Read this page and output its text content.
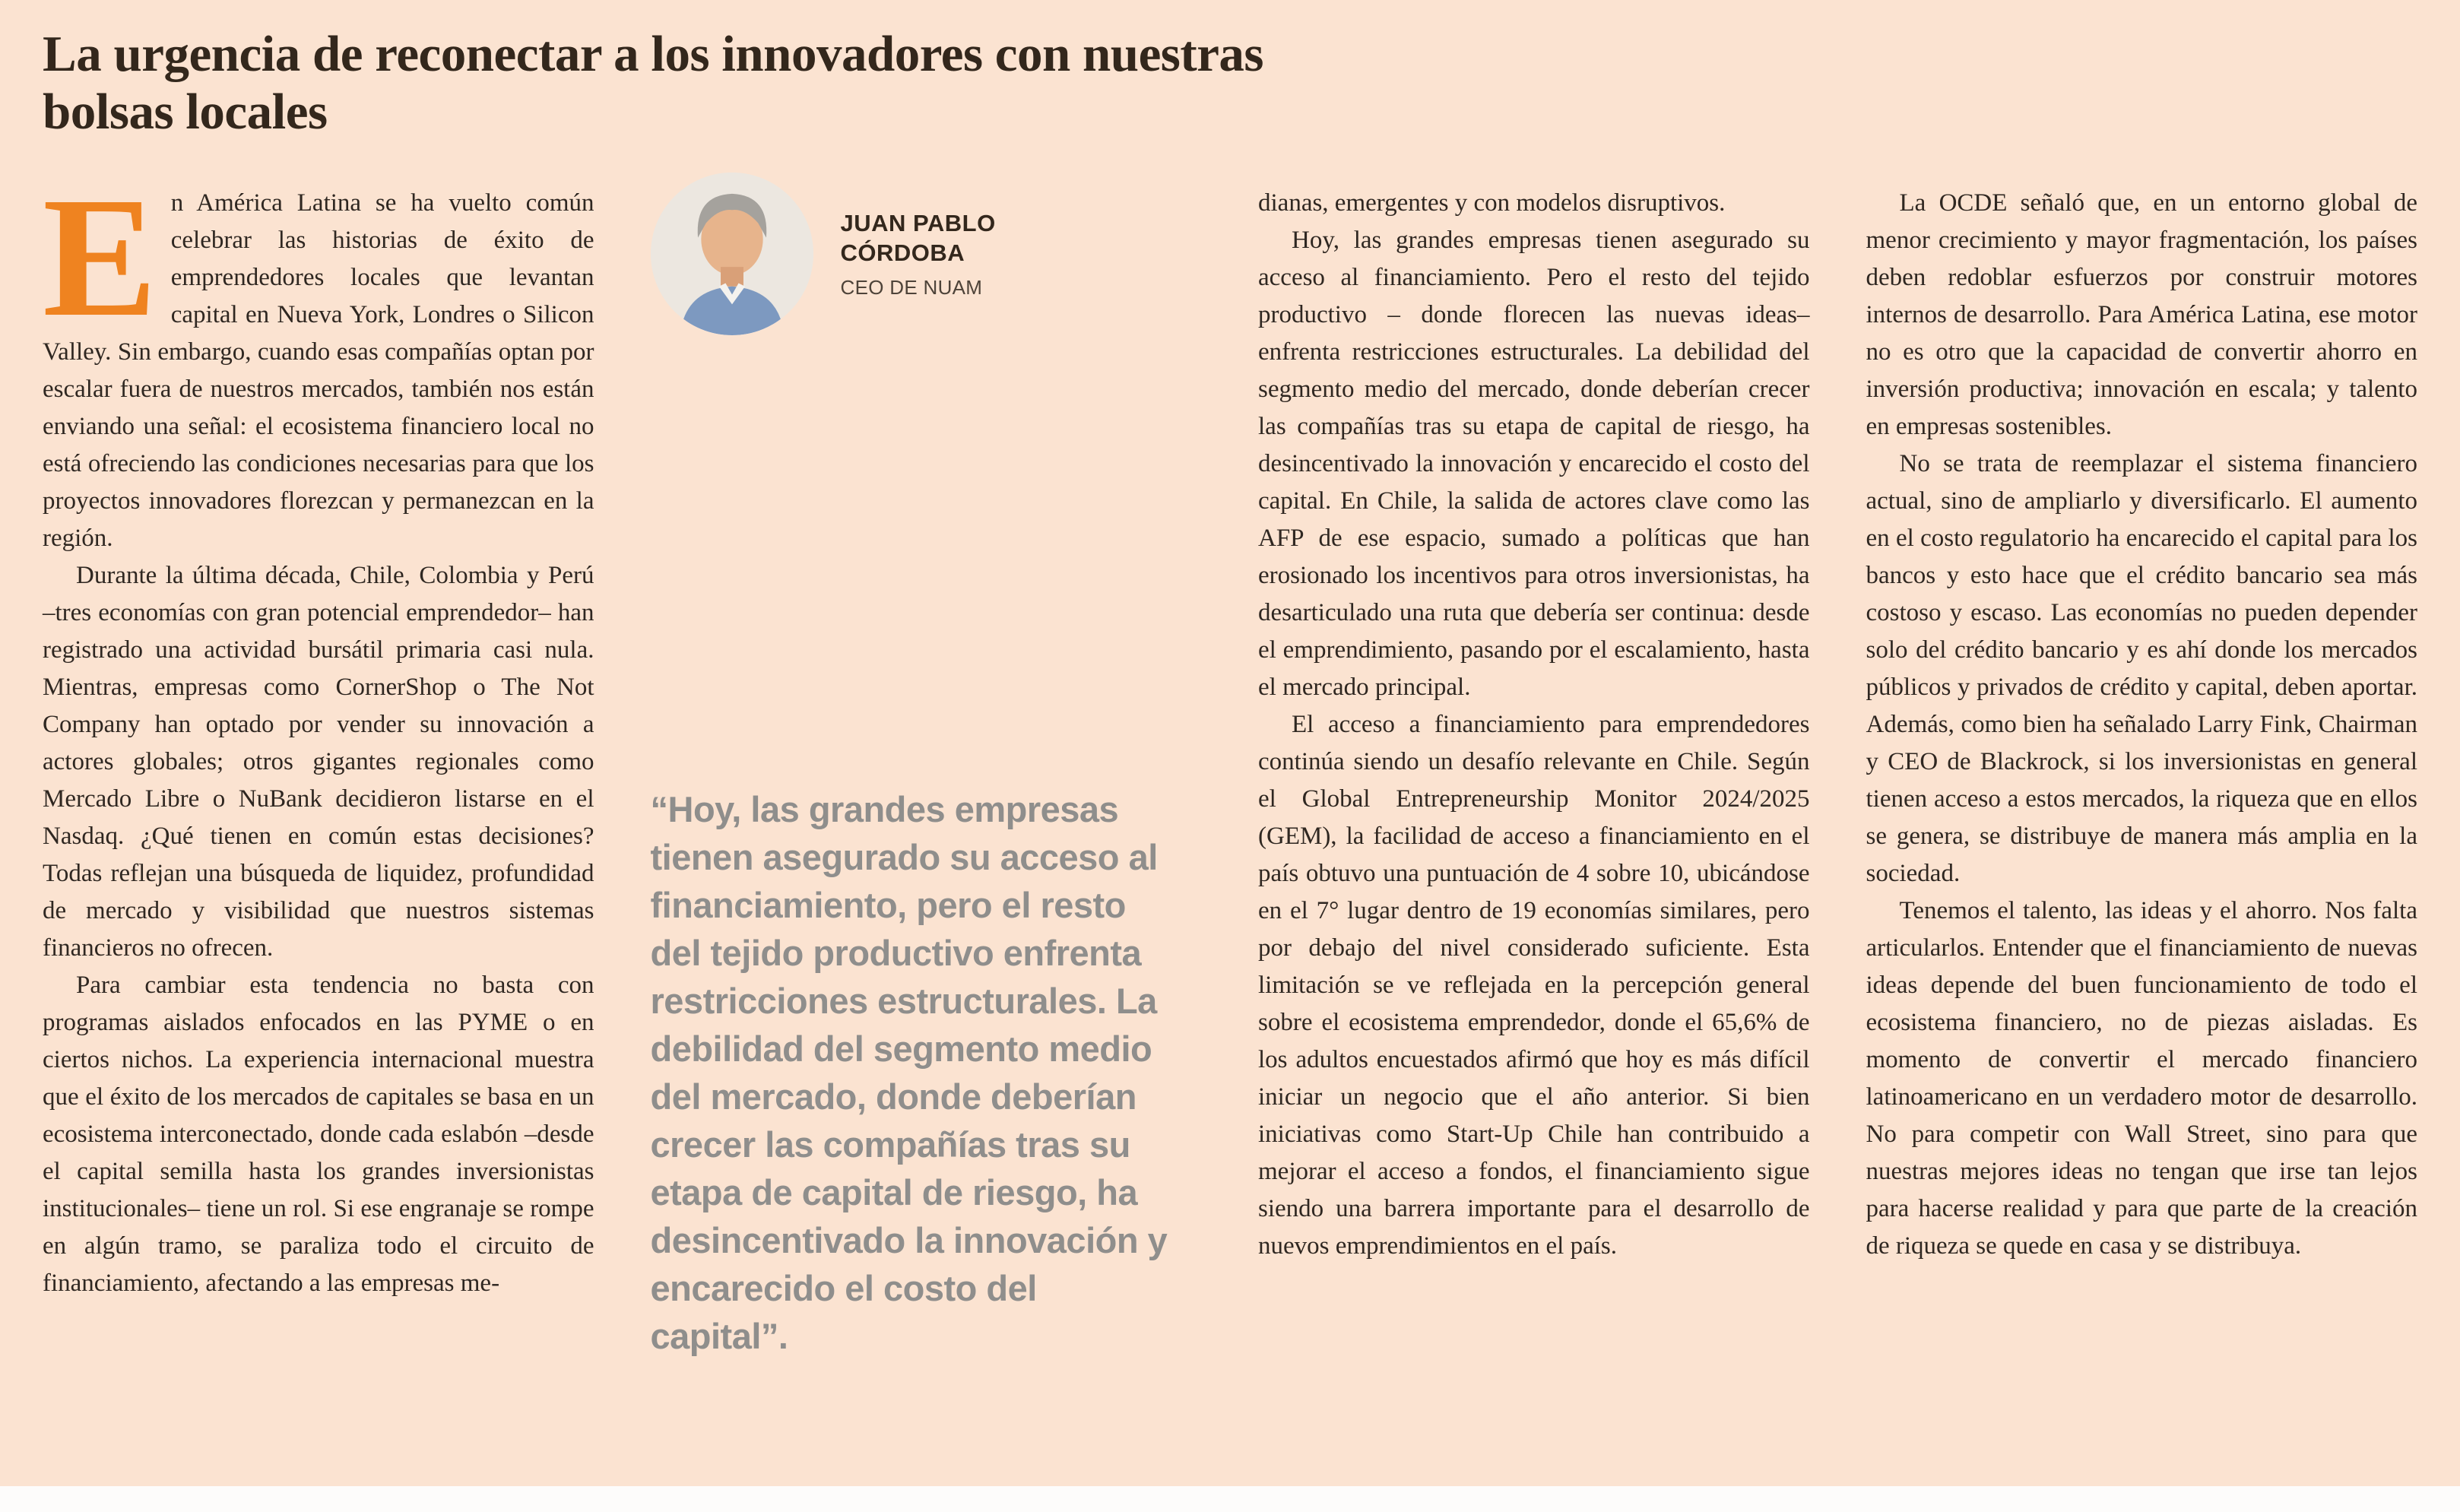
La urgencia de reconectar a los innovadores con nuestras bolsas locales

En América Latina se ha vuelto común celebrar las historias de éxito de emprendedores locales que levantan capital en Nueva York, Londres o Silicon Valley. Sin embargo, cuando esas compañías optan por escalar fuera de nuestros mercados, también nos están enviando una señal: el ecosistema financiero local no está ofreciendo las condiciones necesarias para que los proyectos innovadores florezcan y permanezcan en la región.

Durante la última década, Chile, Colombia y Perú –tres economías con gran potencial emprendedor– han registrado una actividad bursátil primaria casi nula. Mientras, empresas como CornerShop o The Not Company han optado por vender su innovación a actores globales; otros gigantes regionales como Mercado Libre o NuBank decidieron listarse en el Nasdaq. ¿Qué tienen en común estas decisiones? Todas reflejan una búsqueda de liquidez, profundidad de mercado y visibilidad que nuestros sistemas financieros no ofrecen.

Para cambiar esta tendencia no basta con programas aislados enfocados en las PYME o en ciertos nichos. La experiencia internacional muestra que el éxito de los mercados de capitales se basa en un ecosistema interconectado, donde cada eslabón –desde el capital semilla hasta los grandes inversionistas institucionales– tiene un rol. Si ese engranaje se rompe en algún tramo, se paraliza todo el circuito de financiamiento, afectando a las empresas me-

JUAN PABLO CÓRDOBA
CEO DE NUAM
“Hoy, las grandes empresas tienen asegurado su acceso al financiamiento, pero el resto del tejido productivo enfrenta restricciones estructurales. La debilidad del segmento medio del mercado, donde deberían crecer las compañías tras su etapa de capital de riesgo, ha desincentivado la innovación y encarecido el costo del capital”.

dianas, emergentes y con modelos disruptivos.

Hoy, las grandes empresas tienen asegurado su acceso al financiamiento. Pero el resto del tejido productivo – donde florecen las nuevas ideas– enfrenta restricciones estructurales. La debilidad del segmento medio del mercado, donde deberían crecer las compañías tras su etapa de capital de riesgo, ha desincentivado la innovación y encarecido el costo del capital. En Chile, la salida de actores clave como las AFP de ese espacio, sumado a políticas que han erosionado los incentivos para otros inversionistas, ha desarticulado una ruta que debería ser continua: desde el emprendimiento, pasando por el escalamiento, hasta el mercado principal.

El acceso a financiamiento para emprendedores continúa siendo un desafío relevante en Chile. Según el Global Entrepreneurship Monitor 2024/2025 (GEM), la facilidad de acceso a financiamiento en el país obtuvo una puntuación de 4 sobre 10, ubicándose en el 7° lugar dentro de 19 economías similares, pero por debajo del nivel considerado suficiente. Esta limitación se ve reflejada en la percepción general sobre el ecosistema emprendedor, donde el 65,6% de los adultos encuestados afirmó que hoy es más difícil iniciar un negocio que el año anterior. Si bien iniciativas como Start-Up Chile han contribuido a mejorar el acceso a fondos, el financiamiento sigue siendo una barrera importante para el desarrollo de nuevos emprendimientos en el país.

La OCDE señaló que, en un entorno global de menor crecimiento y mayor fragmentación, los países deben redoblar esfuerzos por construir motores internos de desarrollo. Para América Latina, ese motor no es otro que la capacidad de convertir ahorro en inversión productiva; innovación en escala; y talento en empresas sostenibles.

No se trata de reemplazar el sistema financiero actual, sino de ampliarlo y diversificarlo. El aumento en el costo regulatorio ha encarecido el capital para los bancos y esto hace que el crédito bancario sea más costoso y escaso. Las economías no pueden depender solo del crédito bancario y es ahí donde los mercados públicos y privados de crédito y capital, deben aportar. Además, como bien ha señalado Larry Fink, Chairman y CEO de Blackrock, si los inversionistas en general tienen acceso a estos mercados, la riqueza que en ellos se genera, se distribuye de manera más amplia en la sociedad.

Tenemos el talento, las ideas y el ahorro. Nos falta articularlos. Entender que el financiamiento de nuevas ideas depende del buen funcionamiento de todo el ecosistema financiero, no de piezas aisladas. Es momento de convertir el mercado financiero latinoamericano en un verdadero motor de desarrollo. No para competir con Wall Street, sino para que nuestras mejores ideas no tengan que irse tan lejos para hacerse realidad y para que parte de la creación de riqueza se quede en casa y se distribuya.
